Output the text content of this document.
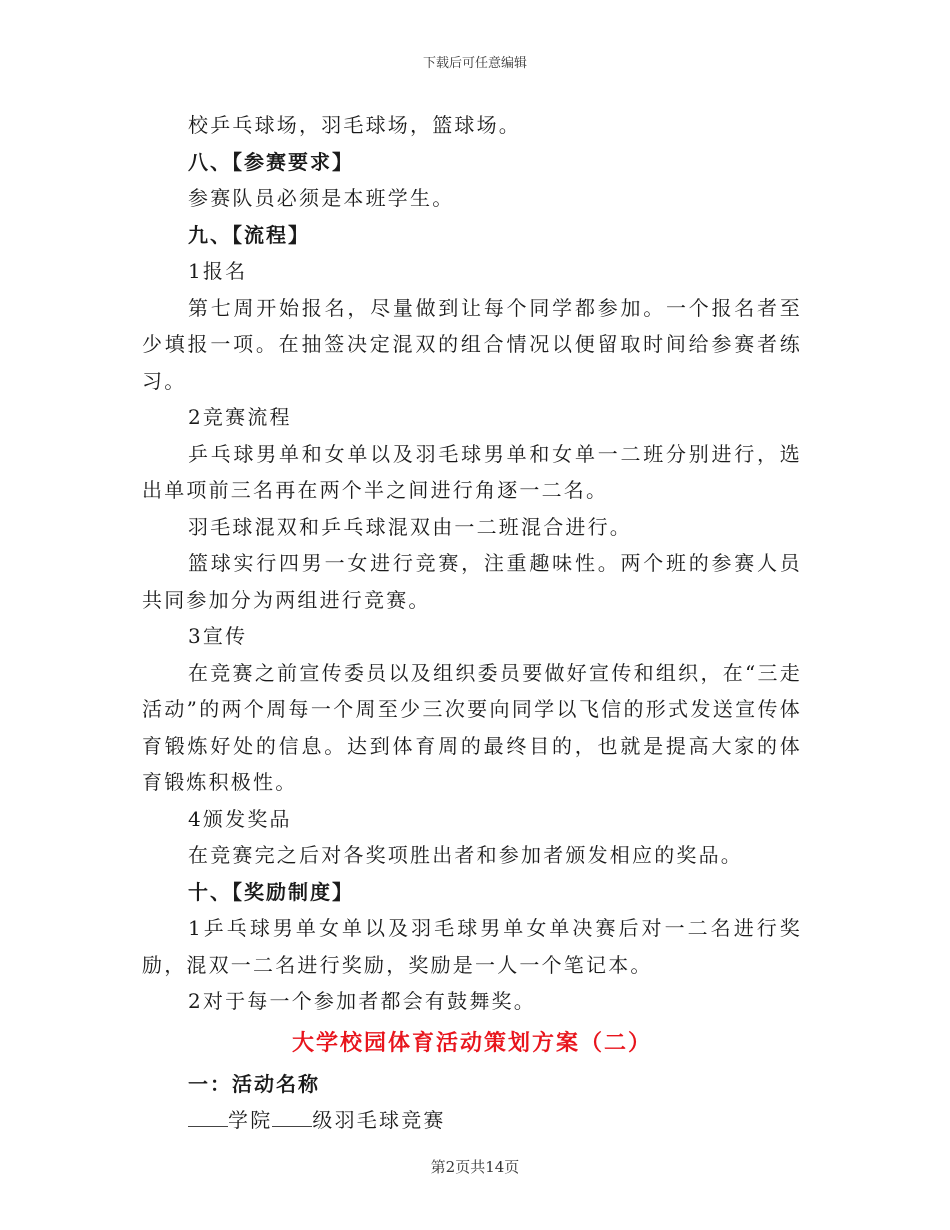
下载后可任意编辑

校乒乓球场，羽毛球场，篮球场。

八、【参赛要求】

参赛队员必须是本班学生。

九、【流程】

1报名

第七周开始报名，尽量做到让每个同学都参加。一个报名者至少填报一项。在抽签决定混双的组合情况以便留取时间给参赛者练习。

2竞赛流程

乒乓球男单和女单以及羽毛球男单和女单一二班分别进行，选出单项前三名再在两个半之间进行角逐一二名。

羽毛球混双和乒乓球混双由一二班混合进行。

篮球实行四男一女进行竞赛，注重趣味性。两个班的参赛人员共同参加分为两组进行竞赛。

3宣传

在竞赛之前宣传委员以及组织委员要做好宣传和组织，在“三走活动”的两个周每一个周至少三次要向同学以飞信的形式发送宣传体育锻炼好处的信息。达到体育周的最终目的，也就是提高大家的体育锻炼积极性。

4颁发奖品

在竞赛完之后对各奖项胜出者和参加者颁发相应的奖品。

十、【奖励制度】

1乒乓球男单女单以及羽毛球男单女单决赛后对一二名进行奖励，混双一二名进行奖励，奖励是一人一个笔记本。

2对于每一个参加者都会有鼓舞奖。

大学校园体育活动策划方案（二）

一：活动名称

学院 级羽毛球竞赛

第2页共14页
